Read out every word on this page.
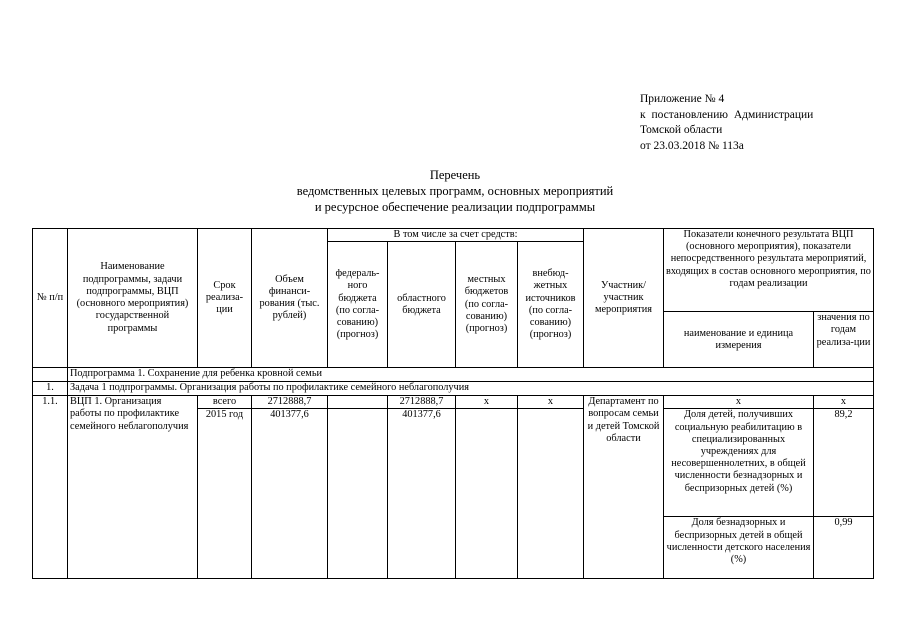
Приложение № 4
к постановлению Администрации
Томской области
от 23.03.2018 № 113а
Перечень
ведомственных целевых программ, основных мероприятий
и ресурсное обеспечение реализации подпрограммы
№ п/п	Наименование подпрограммы, задачи подпрограммы, ВЦП (основного мероприятия) государственной программы	Срок реализа-ции	Объем финанси-рования (тыс. рублей)	В том числе за счет средств:				Участник/ участник мероприятия	Показатели конечного результата ВЦП (основного мероприятия), показатели непосредственного результата мероприятий, входящих в состав основного мероприятия, по годам реализации	
				федераль-ного бюджета (по согла-сованию) (прогноз)	областного бюджета	местных бюджетов (по согла-сованию) (прогноз)	внебюд-жетных источников (по согла-сованию) (прогноз)			
									наименование и единица измерения	значения по годам реализа-ции
	Подпрограмма 1. Сохранение для ребенка кровной семьи									
1.	Задача 1 подпрограммы. Организация работы по профилактике семейного неблагополучия									
1.1.	ВЦП 1. Организация работы по профилактике семейного неблагополучия	всего	2712888,7		2712888,7	х	х	Департамент по вопросам семьи и детей Томской области	х	х
		2015 год	401377,6		401377,6				Доля детей, получивших социальную реабилитацию в специализированных учреждениях для несовершеннолетних, в общей численности безнадзорных и беспризорных детей (%)	89,2
									Доля безнадзорных и беспризорных детей в общей численности детского населения (%)	0,99
